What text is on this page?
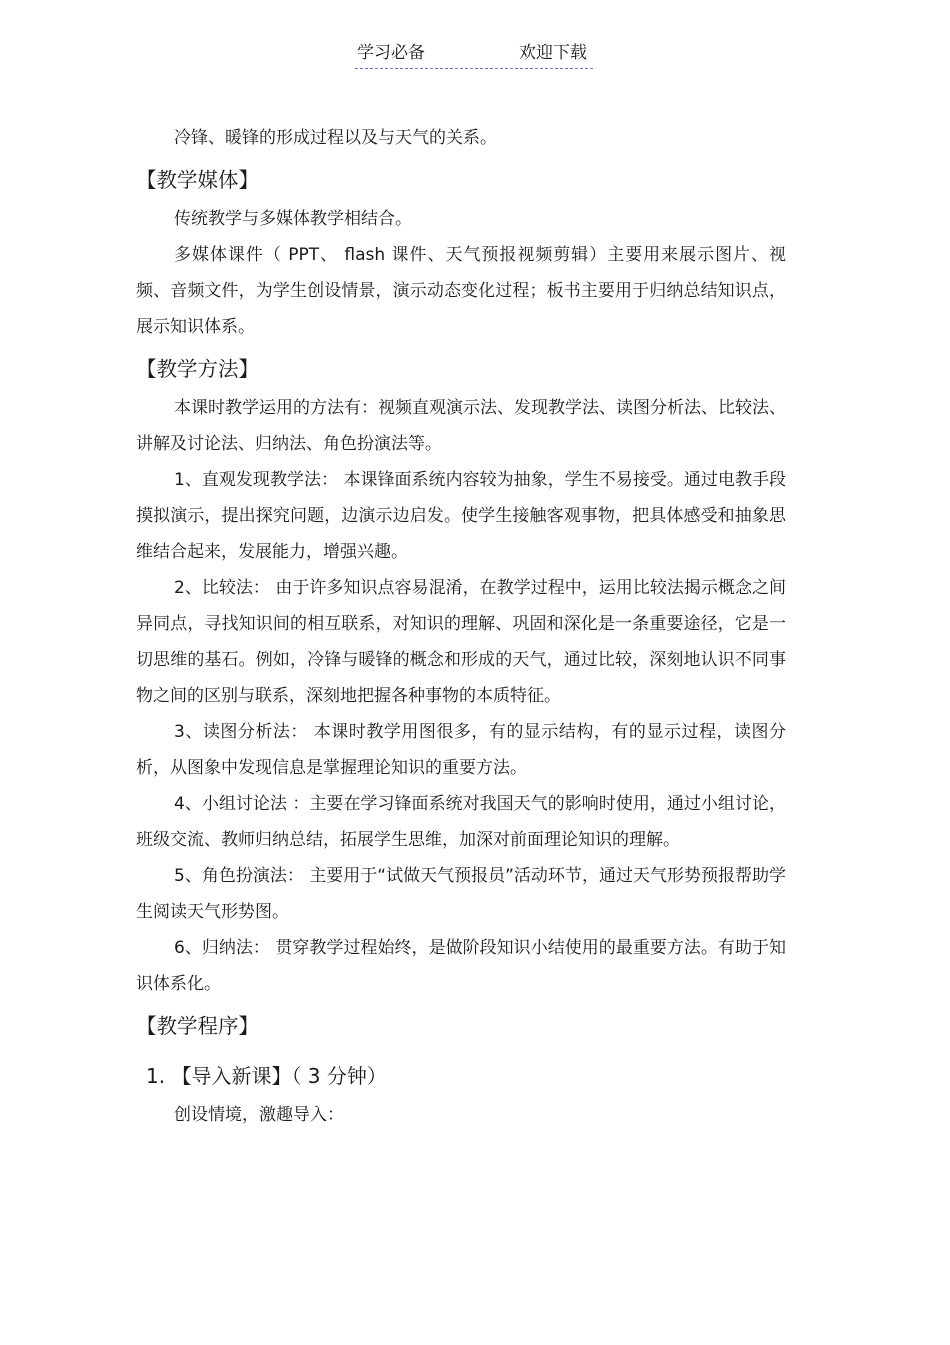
学习必备	欢迎下载

冷锋、暖锋的形成过程以及与天气的关系。

【教学媒体】

传统教学与多媒体教学相结合。

多媒体课件（ PPT、 flash 课件、天气预报视频剪辑）主要用来展示图片、视频、音频文件，为学生创设情景，演示动态变化过程；板书主要用于归纳总结知识点，展示知识体系。

【教学方法】

本课时教学运用的方法有：视频直观演示法、发现教学法、读图分析法、比较法、讲解及讨论法、归纳法、角色扮演法等。

1、直观发现教学法： 本课锋面系统内容较为抽象，学生不易接受。通过电教手段摸拟演示，提出探究问题，边演示边启发。使学生接触客观事物，把具体感受和抽象思维结合起来，发展能力，增强兴趣。

2、比较法： 由于许多知识点容易混淆，在教学过程中，运用比较法揭示概念之间异同点，寻找知识间的相互联系，对知识的理解、巩固和深化是一条重要途径，它是一切思维的基石。例如，冷锋与暖锋的概念和形成的天气，通过比较，深刻地认识不同事物之间的区别与联系，深刻地把握各种事物的本质特征。

3、读图分析法： 本课时教学用图很多，有的显示结构，有的显示过程，读图分析，从图象中发现信息是掌握理论知识的重要方法。

4、小组讨论法 ：主要在学习锋面系统对我国天气的影响时使用，通过小组讨论，班级交流、教师归纳总结，拓展学生思维，加深对前面理论知识的理解。

5、角色扮演法： 主要用于“试做天气预报员”活动环节，通过天气形势预报帮助学生阅读天气形势图。

6、归纳法： 贯穿教学过程始终，是做阶段知识小结使用的最重要方法。有助于知识体系化。

【教学程序】
1. 【导入新课】（ 3 分钟）

创设情境，激趣导入：
